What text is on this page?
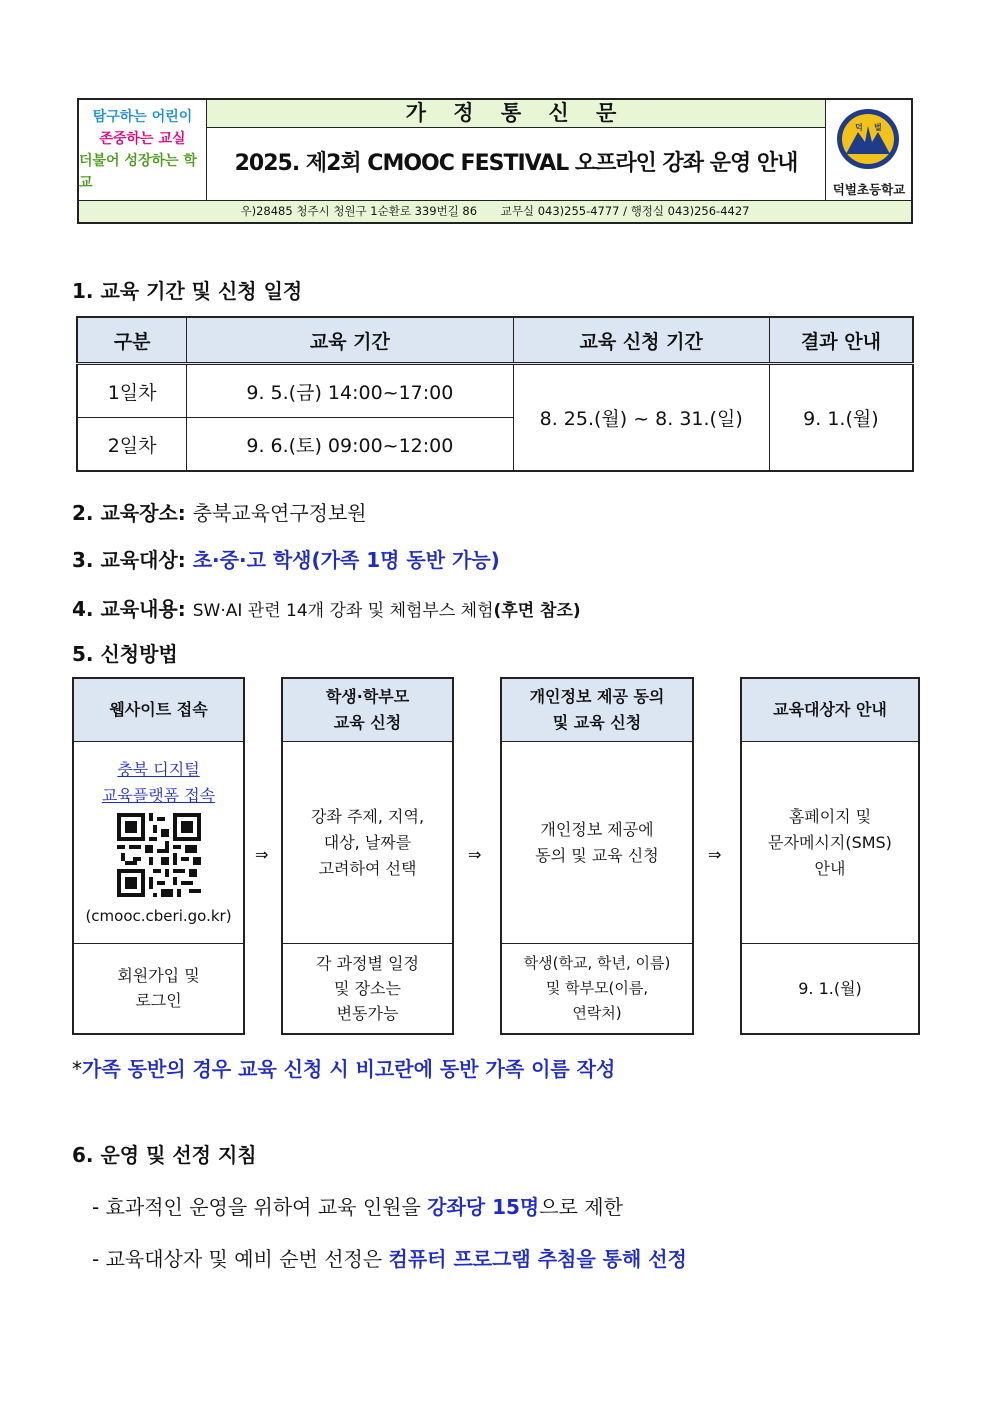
탐구하는 어린이
존중하는 교실
더불어 성장하는 학교
가 정 통 신 문
2025. 제2회 CMOOC FESTIVAL 오프라인 강좌 운영 안내
덕 벌
덕벌초등학교
우)28485 청주시 청원구 1순환로 339번길 86 교무실 043)255-4777 / 행정실 043)256-4427
1. 교육 기간 및 신청 일정
구분	교육 기간	교육 신청 기간	결과 안내
1일차	9. 5.(금) 14:00~17:00	8. 25.(월) ~ 8. 31.(일)	9. 1.(월)
2일차	9. 6.(토) 09:00~12:00		
2. 교육장소: 충북교육연구정보원
3. 교육대상: 초·중·고 학생(가족 1명 동반 가능)
4. 교육내용: SW·AI 관련 14개 강좌 및 체험부스 체험(후면 참조)
5. 신청방법
웹사이트 접속
충북 디지털
교육플랫폼 접속
(cmooc.cberi.go.kr)
회원가입 및
로그인
⇒
학생·학부모
교육 신청
강좌 주제, 지역,
대상, 날짜를
고려하여 선택
각 과정별 일정
및 장소는
변동가능
⇒
개인정보 제공 동의
및 교육 신청
개인정보 제공에
동의 및 교육 신청
학생(학교, 학년, 이름)
및 학부모(이름,
연락처)
⇒
교육대상자 안내
홈페이지 및
문자메시지(SMS)
안내
9. 1.(월)
*가족 동반의 경우 교육 신청 시 비고란에 동반 가족 이름 작성
6. 운영 및 선정 지침
- 효과적인 운영을 위하여 교육 인원을 강좌당 15명으로 제한
- 교육대상자 및 예비 순번 선정은 컴퓨터 프로그램 추첨을 통해 선정
